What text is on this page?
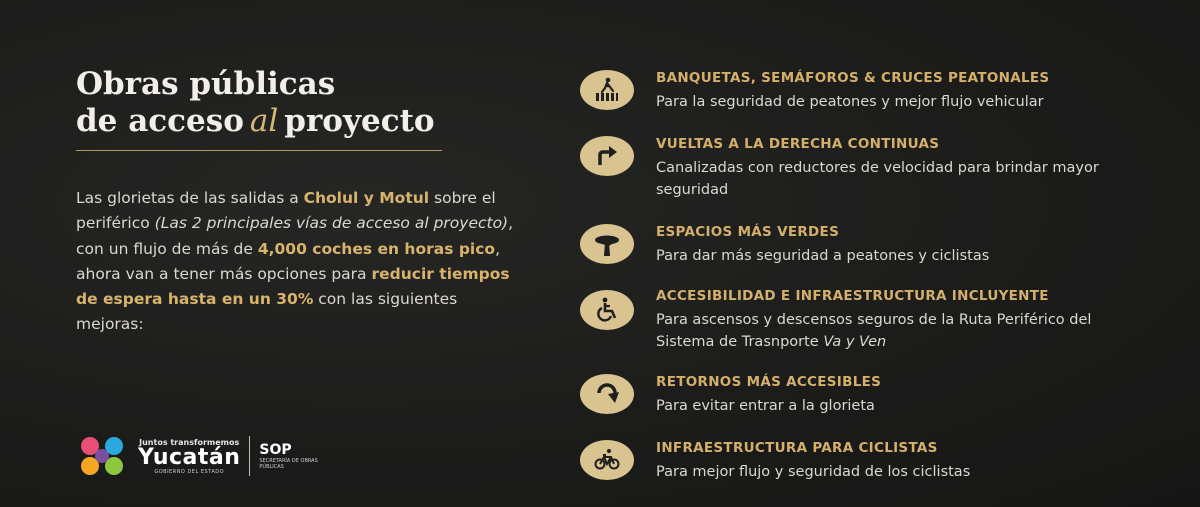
Obras públicas
de acceso al proyecto
Las glorietas de las salidas a Cholul y Motul sobre el periférico (Las 2 principales vías de acceso al proyecto), con un flujo de más de 4,000 coches en horas pico, ahora van a tener más opciones para reducir tiempos de espera hasta en un 30% con las siguientes mejoras:
BANQUETAS, SEMÁFOROS & CRUCES PEATONALES
Para la seguridad de peatones y mejor flujo vehicular
VUELTAS A LA DERECHA CONTINUAS
Canalizadas con reductores de velocidad para brindar mayor seguridad
ESPACIOS MÁS VERDES
Para dar más seguridad a peatones y ciclistas
ACCESIBILIDAD E INFRAESTRUCTURA INCLUYENTE
Para ascensos y descensos seguros de la Ruta Periférico del Sistema de Trasnporte Va y Ven
RETORNOS MÁS ACCESIBLES
Para evitar entrar a la glorieta
INFRAESTRUCTURA PARA CICLISTAS
Para mejor flujo y seguridad de los ciclistas
Juntos transformemos
Yucatán
GOBIERNO DEL ESTADO
SOP
SECRETARÍA DE OBRAS PÚBLICAS
